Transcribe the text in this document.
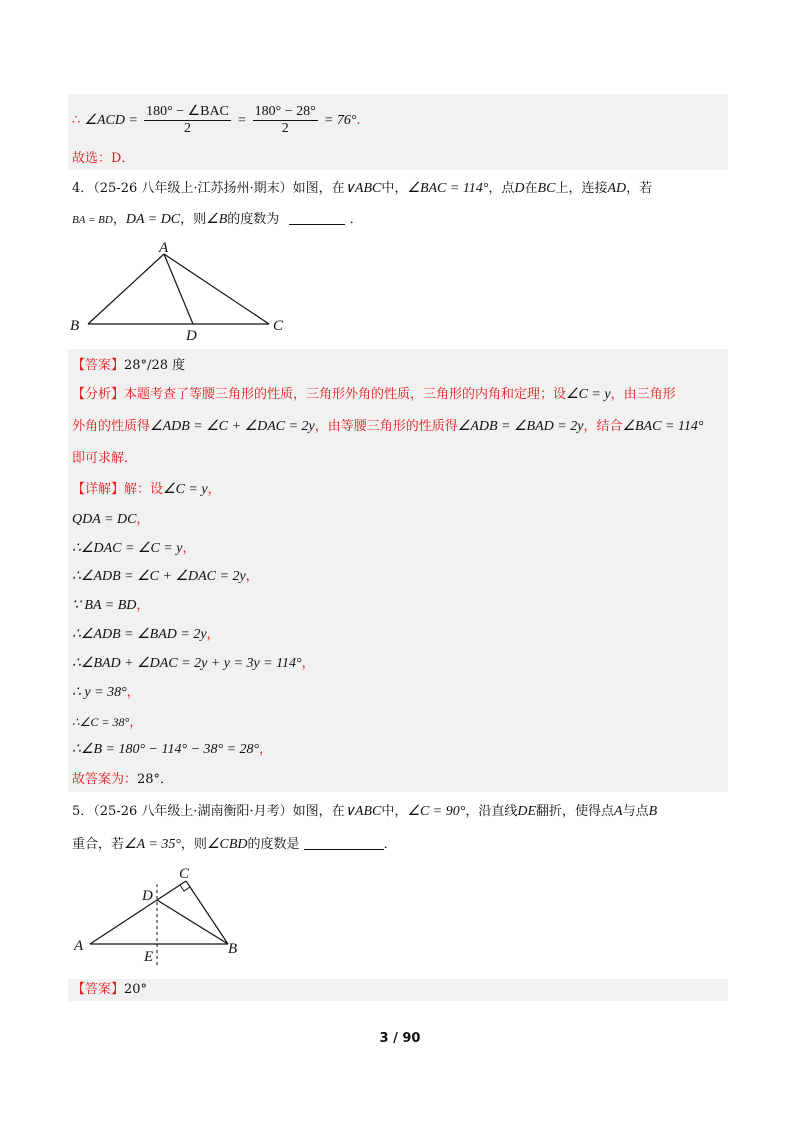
∴ ∠ACD = $\frac{\text{180° − ∠BAC}}{2} = \frac{180^\circ - 28^\circ}{2} = 76^\circ$.
故选：D．
4．（25-26 八年级上·江苏扬州·期末）如图，在∨ABC中，∠BAC = 114°，点D在BC上，连接AD，若
BA = BD，DA = DC，则∠B的度数为	．
A
B	C
D
【答案】28°/28 度
【分析】本题考查了等腰三角形的性质，三角形外角的性质，三角形的内角和定理；设∠C = y，由三角形
外角的性质得∠ADB = ∠C + ∠DAC = 2y，由等腰三角形的性质得∠ADB = ∠BAD = 2y，结合∠BAC = 114°
即可求解．
【详解】解：设∠C = y，
QDA = DC，
∴∠DAC = ∠C = y，
∴∠ADB = ∠C + ∠DAC = 2y，
∵ BA = BD，
∴∠ADB = ∠BAD = 2y，
∴∠BAD + ∠DAC = 2y + y = 3y = 114°，
∴ y = 38°，
∴∠C = 38°，
∴∠B = 180° − 114° − 38° = 28°，
故答案为：28°．
5．（25-26 八年级上·湖南衡阳·月考）如图，在∨ABC中，∠C = 90°，沿直线DE翻折，使得点A与点B
重合，若∠A = 35°，则∠CBD的度数是	．
A	B
C
D
E
【答案】20°
3 / 90
